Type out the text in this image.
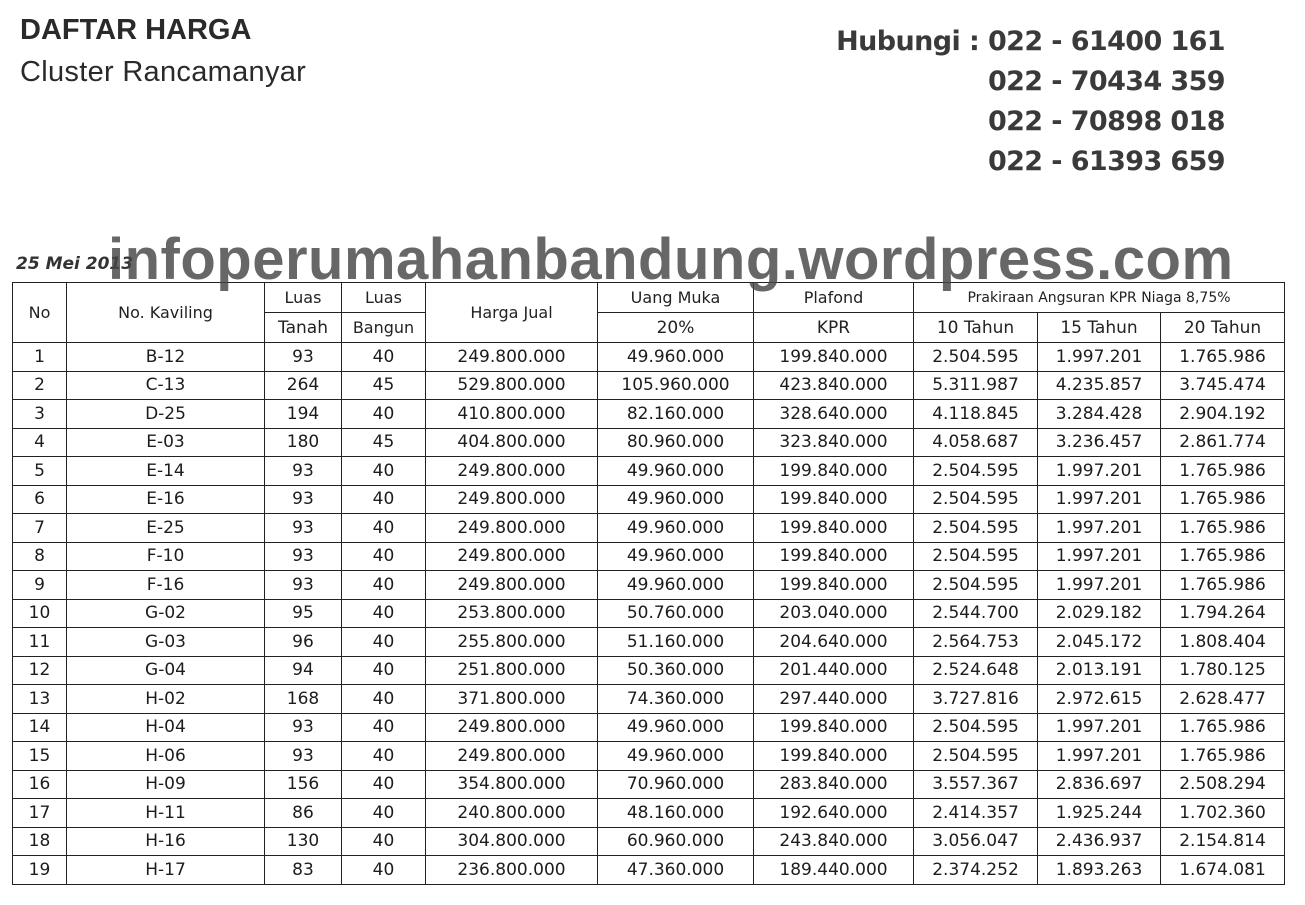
DAFTAR HARGA
Cluster Rancamanyar
Hubungi : 022 - 61400 161
022 - 70434 359
022 - 70898 018
022 - 61393 659
25 Mei 2013
infoperumahanbandung.wordpress.com
No	No. Kaviling	Luas	Luas	Harga Jual	Uang Muka	Plafond	Prakiraan Angsuran KPR Niaga 8,75%		
		Tanah	Bangun		20%	KPR	10 Tahun	15 Tahun	20 Tahun
1	B-12	93	40	249.800.000	49.960.000	199.840.000	2.504.595	1.997.201	1.765.986
2	C-13	264	45	529.800.000	105.960.000	423.840.000	5.311.987	4.235.857	3.745.474
3	D-25	194	40	410.800.000	82.160.000	328.640.000	4.118.845	3.284.428	2.904.192
4	E-03	180	45	404.800.000	80.960.000	323.840.000	4.058.687	3.236.457	2.861.774
5	E-14	93	40	249.800.000	49.960.000	199.840.000	2.504.595	1.997.201	1.765.986
6	E-16	93	40	249.800.000	49.960.000	199.840.000	2.504.595	1.997.201	1.765.986
7	E-25	93	40	249.800.000	49.960.000	199.840.000	2.504.595	1.997.201	1.765.986
8	F-10	93	40	249.800.000	49.960.000	199.840.000	2.504.595	1.997.201	1.765.986
9	F-16	93	40	249.800.000	49.960.000	199.840.000	2.504.595	1.997.201	1.765.986
10	G-02	95	40	253.800.000	50.760.000	203.040.000	2.544.700	2.029.182	1.794.264
11	G-03	96	40	255.800.000	51.160.000	204.640.000	2.564.753	2.045.172	1.808.404
12	G-04	94	40	251.800.000	50.360.000	201.440.000	2.524.648	2.013.191	1.780.125
13	H-02	168	40	371.800.000	74.360.000	297.440.000	3.727.816	2.972.615	2.628.477
14	H-04	93	40	249.800.000	49.960.000	199.840.000	2.504.595	1.997.201	1.765.986
15	H-06	93	40	249.800.000	49.960.000	199.840.000	2.504.595	1.997.201	1.765.986
16	H-09	156	40	354.800.000	70.960.000	283.840.000	3.557.367	2.836.697	2.508.294
17	H-11	86	40	240.800.000	48.160.000	192.640.000	2.414.357	1.925.244	1.702.360
18	H-16	130	40	304.800.000	60.960.000	243.840.000	3.056.047	2.436.937	2.154.814
19	H-17	83	40	236.800.000	47.360.000	189.440.000	2.374.252	1.893.263	1.674.081
